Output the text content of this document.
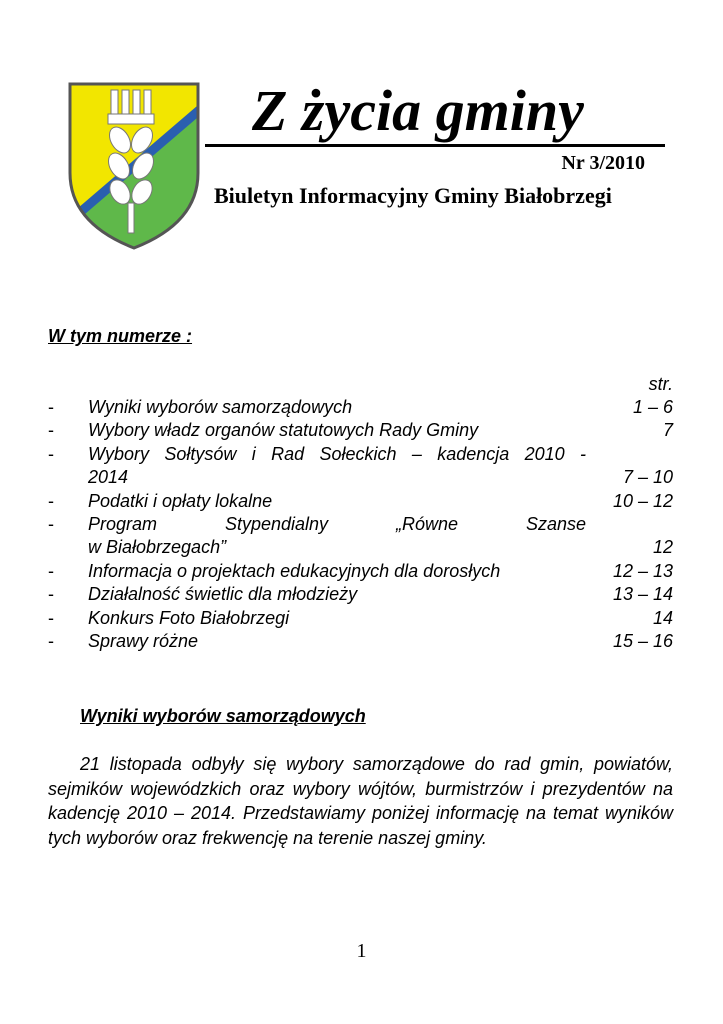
Z życia gminy
Nr 3/2010
Biuletyn Informacyjny Gminy Białobrzegi
W tym numerze :
str.
-	Wyniki wyborów samorządowych	1 – 6
-	Wybory władz organów statutowych Rady Gminy	7
-	Wybory Sołtysów i Rad Sołeckich – kadencja 2010 -
2014	7 – 10
-	Podatki i opłaty lokalne	10 – 12
-	Program Stypendialny „Równe Szanse
w Białobrzegach”	12
-	Informacja o projektach edukacyjnych dla dorosłych	12 – 13
-	Działalność świetlic dla młodzieży	13 – 14
-	Konkurs Foto Białobrzegi	14
-	Sprawy różne	15 – 16
Wyniki wyborów samorządowych
21 listopada odbyły się wybory samorządowe do rad gmin, powiatów, sejmików wojewódzkich oraz wybory wójtów, burmistrzów i prezydentów na kadencję 2010 – 2014. Przedstawiamy poniżej informację na temat wyników tych wyborów oraz frekwencję na terenie naszej gminy.
1
